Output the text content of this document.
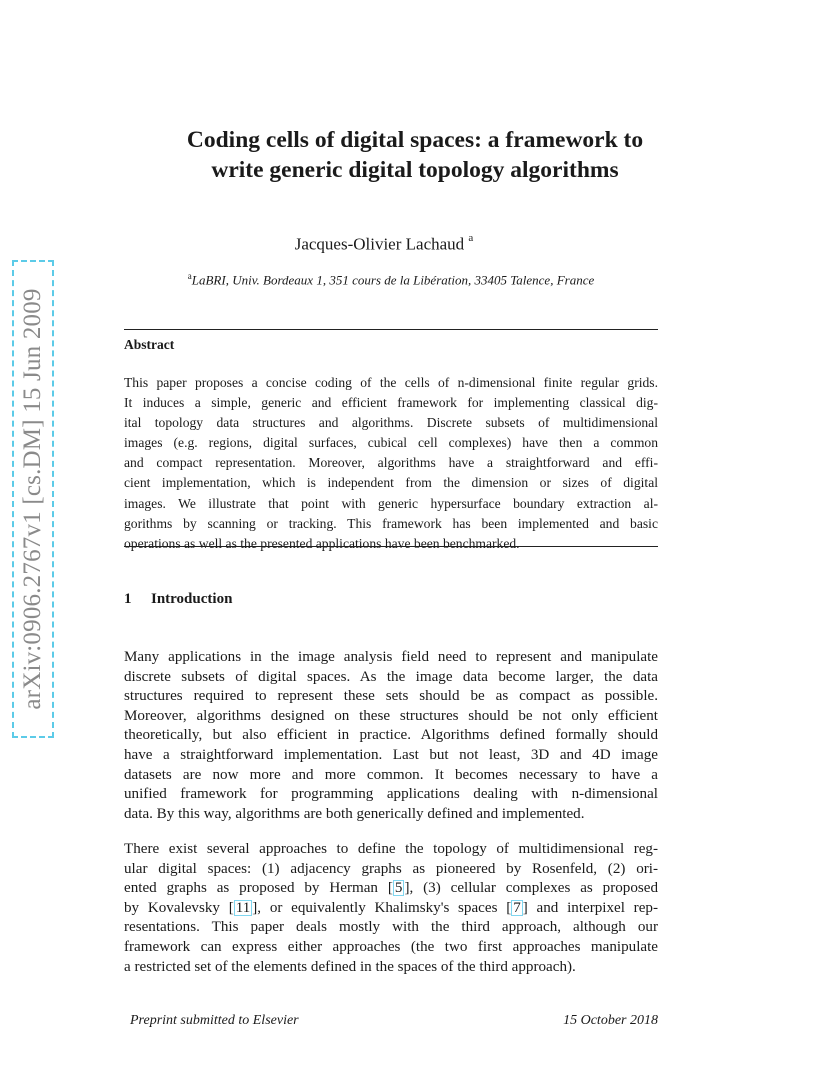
arXiv:0906.2767v1 [cs.DM] 15 Jun 2009
Coding cells of digital spaces: a framework to
write generic digital topology algorithms
Jacques-Olivier Lachaud $^a$
$^a$LaBRI, Univ. Bordeaux 1, 351 cours de la Libération, 33405 Talence, France
Abstract
This paper proposes a concise coding of the cells of n-dimensional finite regular grids.
It induces a simple, generic and efficient framework for implementing classical dig-
ital topology data structures and algorithms. Discrete subsets of multidimensional
images (e.g. regions, digital surfaces, cubical cell complexes) have then a common
and compact representation. Moreover, algorithms have a straightforward and effi-
cient implementation, which is independent from the dimension or sizes of digital
images. We illustrate that point with generic hypersurface boundary extraction al-
gorithms by scanning or tracking. This framework has been implemented and basic
operations as well as the presented applications have been benchmarked.
1 Introduction
Many applications in the image analysis field need to represent and manipulate
discrete subsets of digital spaces. As the image data become larger, the data
structures required to represent these sets should be as compact as possible.
Moreover, algorithms designed on these structures should be not only efficient
theoretically, but also efficient in practice. Algorithms defined formally should
have a straightforward implementation. Last but not least, 3D and 4D image
datasets are now more and more common. It becomes necessary to have a
unified framework for programming applications dealing with n-dimensional
data. By this way, algorithms are both generically defined and implemented.
There exist several approaches to define the topology of multidimensional reg-
ular digital spaces: (1) adjacency graphs as pioneered by Rosenfeld, (2) ori-
ented graphs as proposed by Herman [ 5 ], (3) cellular complexes as proposed
by Kovalevsky [ 11 ], or equivalently Khalimsky's spaces [ 7 ] and interpixel rep-
resentations. This paper deals mostly with the third approach, although our
framework can express either approaches (the two first approaches manipulate
a restricted set of the elements defined in the spaces of the third approach).
Preprint submitted to Elsevier	15 October 2018
